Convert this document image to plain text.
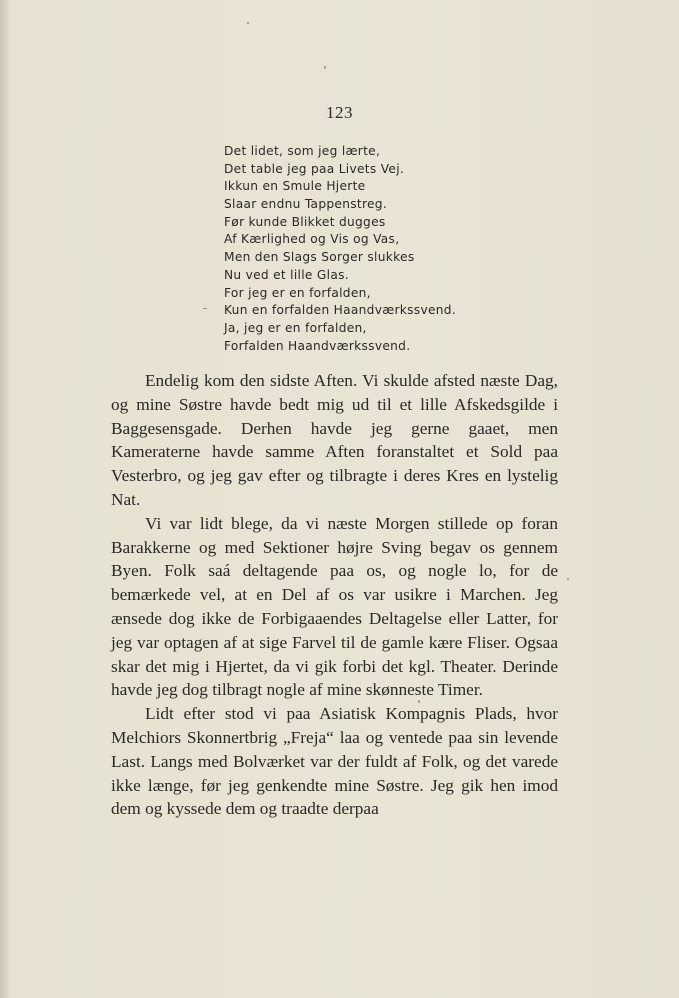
123
Det lidet, som jeg lærte,
Det table jeg paa Livets Vej.
Ikkun en Smule Hjerte
Slaar endnu Tappenstreg.
Før kunde Blikket dugges
Af Kærlighed og Vis og Vas,
Men den Slags Sorger slukkes
Nu ved et lille Glas.
For jeg er en forfalden,
Kun en forfalden Haandværkssvend.
Ja, jeg er en forfalden,
Forfalden Haandværkssvend.

Endelig kom den sidste Aften. Vi skulde afsted næste Dag, og mine Søstre havde bedt mig ud til et lille Afskedsgilde i Baggesensgade. Derhen havde jeg gerne gaaet, men Kameraterne havde samme Aften foranstaltet et Sold paa Vesterbro, og jeg gav efter og tilbragte i deres Kres en lystelig Nat.

Vi var lidt blege, da vi næste Morgen stillede op foran Barakkerne og med Sektioner højre Sving begav os gennem Byen. Folk saá deltagende paa os, og nogle lo, for de bemærkede vel, at en Del af os var usikre i Marchen. Jeg ænsede dog ikke de Forbigaaendes Deltagelse eller Latter, for jeg var optagen af at sige Farvel til de gamle kære Fliser. Ogsaa skar det mig i Hjertet, da vi gik forbi det kgl. Theater. Derinde havde jeg dog tilbragt nogle af mine skønneste Timer.

Lidt efter stod vi paa Asiatisk Kompagnis Plads, hvor Melchiors Skonnertbrig „Freja“ laa og ventede paa sin levende Last. Langs med Bolværket var der fuldt af Folk, og det varede ikke længe, før jeg genkendte mine Søstre. Jeg gik hen imod dem og kyssede dem og traadte derpaa
